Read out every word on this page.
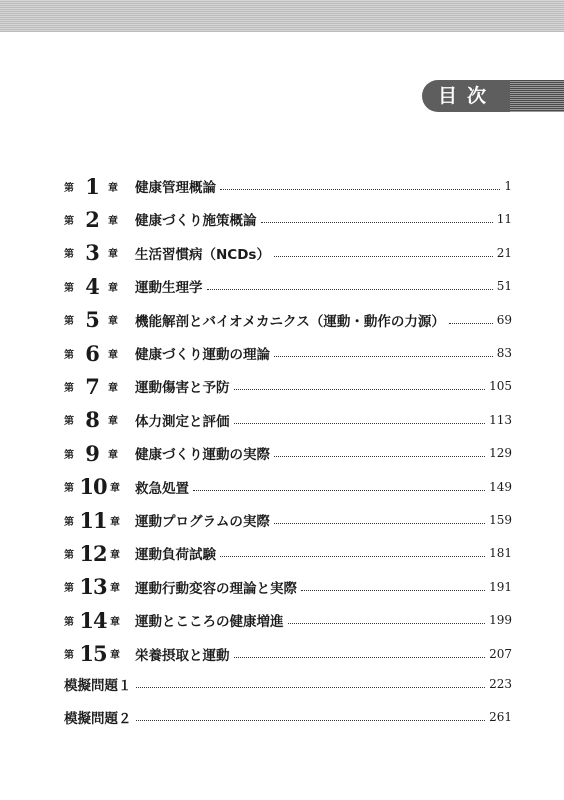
目次
第 1 章 健康管理概論	1
第 2 章 健康づくり施策概論	11
第 3 章 生活習慣病（NCDs）	21
第 4 章 運動生理学	51
第 5 章 機能解剖とバイオメカニクス（運動・動作の力源）	69
第 6 章 健康づくり運動の理論	83
第 7 章 運動傷害と予防	105
第 8 章 体力測定と評価	113
第 9 章 健康づくり運動の実際	129
第 10 章 救急処置	149
第 11 章 運動プログラムの実際	159
第 12 章 運動負荷試験	181
第 13 章 運動行動変容の理論と実際	191
第 14 章 運動とこころの健康増進	199
第 15 章 栄養摂取と運動	207
模擬問題１	223
模擬問題２	261
